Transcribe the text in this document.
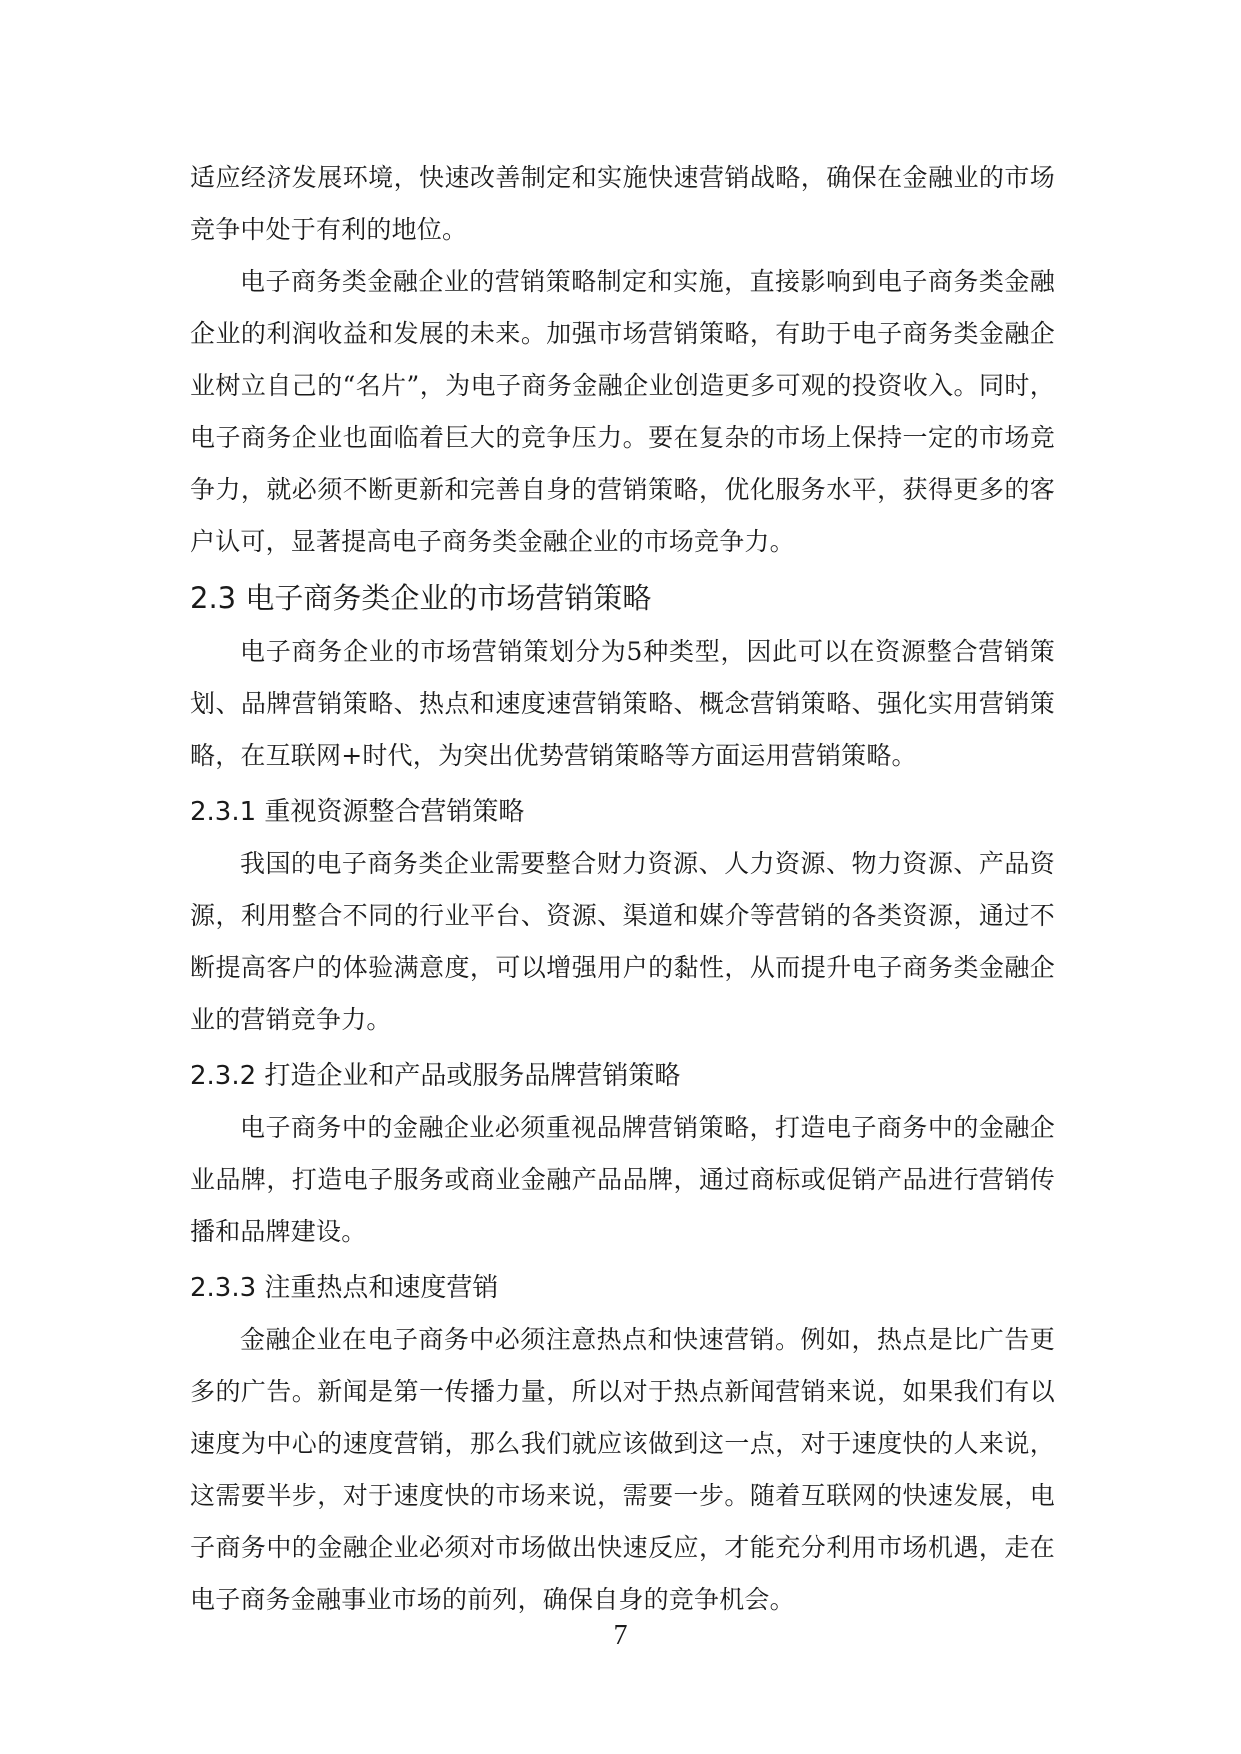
适应经济发展环境，快速改善制定和实施快速营销战略，确保在金融业的市场竞争中处于有利的地位。

电子商务类金融企业的营销策略制定和实施，直接影响到电子商务类金融企业的利润收益和发展的未来。加强市场营销策略，有助于电子商务类金融企业树立自己的“名片”，为电子商务金融企业创造更多可观的投资收入。同时，电子商务企业也面临着巨大的竞争压力。要在复杂的市场上保持一定的市场竞争力，就必须不断更新和完善自身的营销策略，优化服务水平，获得更多的客户认可，显著提高电子商务类金融企业的市场竞争力。

2.3 电子商务类企业的市场营销策略

电子商务企业的市场营销策划分为5种类型，因此可以在资源整合营销策划、品牌营销策略、热点和速度速营销策略、概念营销策略、强化实用营销策略，在互联网+时代，为突出优势营销策略等方面运用营销策略。

2.3.1 重视资源整合营销策略

我国的电子商务类企业需要整合财力资源、人力资源、物力资源、产品资源，利用整合不同的行业平台、资源、渠道和媒介等营销的各类资源，通过不断提高客户的体验满意度，可以增强用户的黏性，从而提升电子商务类金融企业的营销竞争力。

2.3.2 打造企业和产品或服务品牌营销策略

电子商务中的金融企业必须重视品牌营销策略，打造电子商务中的金融企业品牌，打造电子服务或商业金融产品品牌，通过商标或促销产品进行营销传播和品牌建设。

2.3.3 注重热点和速度营销

金融企业在电子商务中必须注意热点和快速营销。例如，热点是比广告更多的广告。新闻是第一传播力量，所以对于热点新闻营销来说，如果我们有以速度为中心的速度营销，那么我们就应该做到这一点，对于速度快的人来说，这需要半步，对于速度快的市场来说，需要一步。随着互联网的快速发展，电子商务中的金融企业必须对市场做出快速反应，才能充分利用市场机遇，走在电子商务金融事业市场的前列，确保自身的竞争机会。

7
